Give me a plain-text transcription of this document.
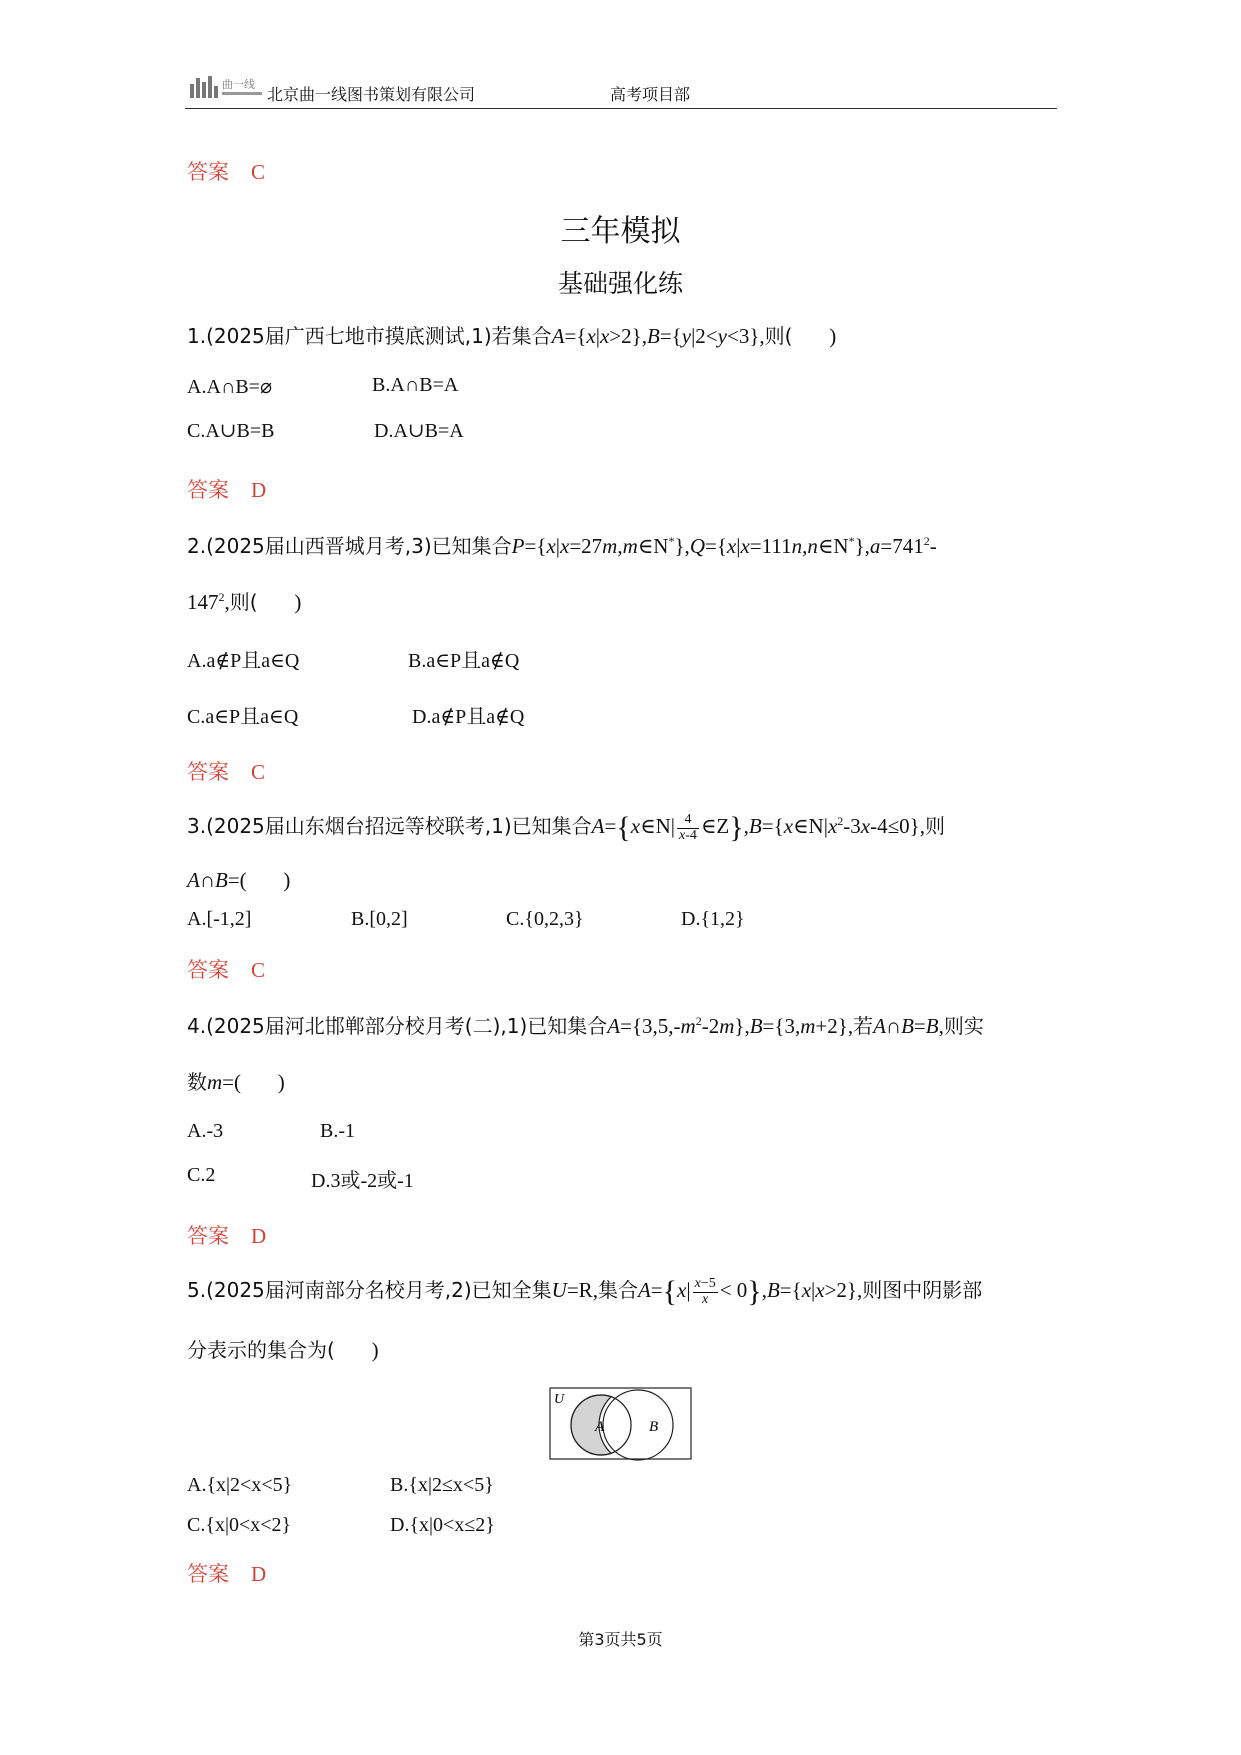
曲一线
北京曲一线图书策划有限公司	高考项目部
答案 C
三年模拟
基础强化练
1.(2025届广西七地市摸底测试,1)若集合A={x|x>2},B={y|2<y<3},则(       )
A.A∩B=⌀	B.A∩B=A
C.A∪B=B	D.A∪B=A
答案 D
2.(2025届山西晋城月考,3)已知集合$P=\{x|x=27m,m\in N^*\},Q=\{x|x=111n,n\in N^*\},a=741^2-$
$147^2$,则(       )
A.a∉P且a∈Q	B.a∈P且a∉Q
C.a∈P且a∈Q	D.a∉P且a∉Q
答案 C
3.(2025届山东烟台招远等校联考,1)已知集合A={x∈N| $\frac{4}{x-4}$ $\in Z\},B=\{x\in N|x^2-3x-4\le 0\}$,则
A∩B=(       )
A.[-1,2]	B.[0,2]	C.{0,2,3}	D.{1,2}
答案 C
4.(2025届河北邯郸部分校月考(二),1)已知集合$A=\{3,5,-m^2-2m\},B=\{3,m+2\}$,若A∩B=B,则实
数m=(       )
A.-3	B.-1
C.2	D.3或-2或-1
答案 D
5.(2025届河南部分名校月考,2)已知全集U=R,集合$A=\{x| \frac{x-5}{x} < 0\},B=\{x|x>2\}$,则图中阴影部
分表示的集合为(       )
U
A	B
A.{x|2<x<5}	B.{x|2≤x<5}
C.{x|0<x<2}	D.{x|0<x≤2}
答案 D
第3页共5页
